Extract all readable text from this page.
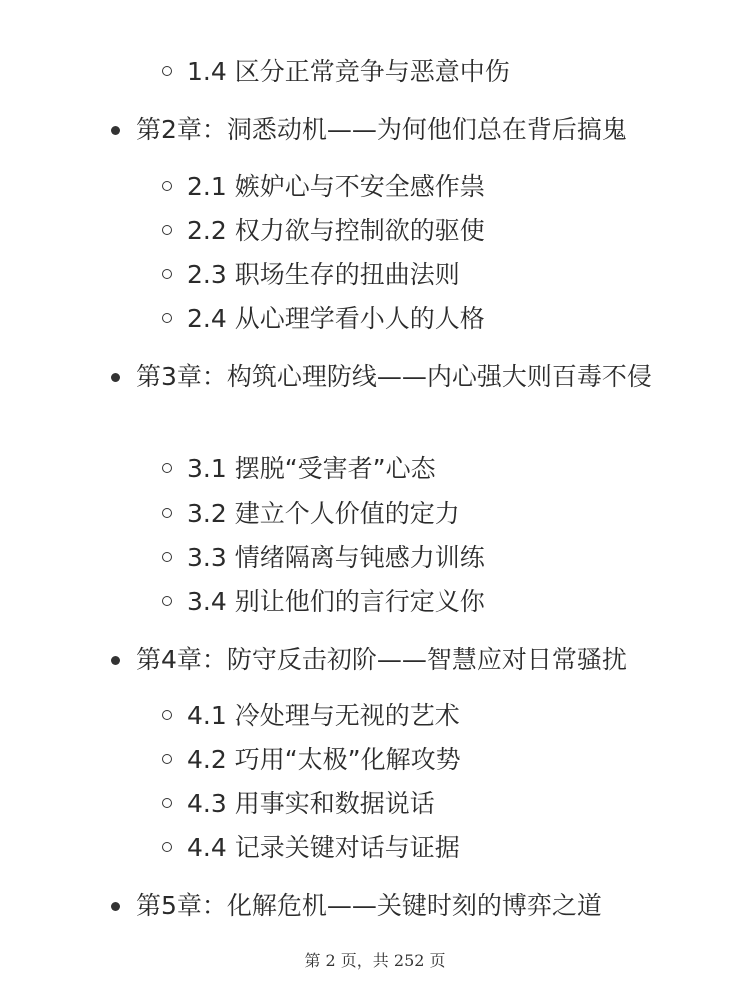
1.4 区分正常竞争与恶意中伤
第2章：洞悉动机——为何他们总在背后搞鬼
2.1 嫉妒心与不安全感作祟
2.2 权力欲与控制欲的驱使
2.3 职场生存的扭曲法则
2.4 从心理学看小人的人格
第3章：构筑心理防线——内心强大则百毒不侵
3.1 摆脱“受害者”心态
3.2 建立个人价值的定力
3.3 情绪隔离与钝感力训练
3.4 别让他们的言行定义你
第4章：防守反击初阶——智慧应对日常骚扰
4.1 冷处理与无视的艺术
4.2 巧用“太极”化解攻势
4.3 用事实和数据说话
4.4 记录关键对话与证据
第5章：化解危机——关键时刻的博弈之道
第 2 页，共 252 页
